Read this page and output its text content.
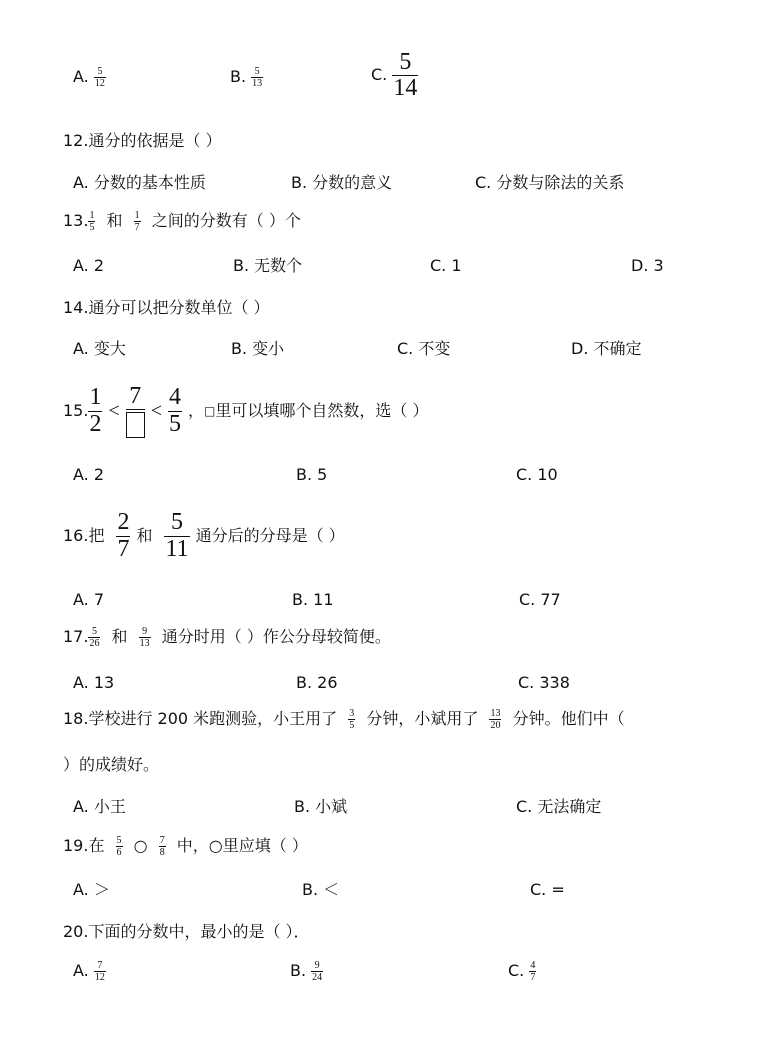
A. $\frac{5}{12}$	B. $\frac{5}{13}$	C. $\frac{5}{14}$
12.通分的依据是（ ）
A. 分数的基本性质	B. 分数的意义	C. 分数与除法的关系
13. $\frac{1}{5}$ 和 $\frac{1}{7}$ 之间的分数有（ ）个
A. 2	B. 无数个	C. 1	D. 3
14.通分可以把分数单位（ ）
A. 变大	B. 变小	C. 不变	D. 不确定
15. $\frac{1}{2}$ <
7
< $\frac{4}{5}$ ， □ 里可以填哪个自然数，选（ ）
A. 2	B. 5	C. 10
16.把 $\frac{2}{7}$ 和 $\frac{5}{11}$ 通分后的分母是（ ）
A. 7	B. 11	C. 77
17. $\frac{5}{26}$ 和 $\frac{9}{13}$ 通分时用（ ）作公分母较简便。
A. 13	B. 26	C. 338
18.学校进行 200 米跑测验，小王用了 $\frac{3}{5}$ 分钟，小斌用了 $\frac{13}{20}$ 分钟。他们中（
）的成绩好。
A. 小王	B. 小斌	C. 无法确定
19.在 $\frac{5}{6}$ ○ $\frac{7}{8}$ 中，○里应填（ ）
A. ＞	B. ＜	C. =
20.下面的分数中，最小的是（ ）．
A. $\frac{7}{12}$	B. $\frac{9}{24}$	C. $\frac{4}{7}$
